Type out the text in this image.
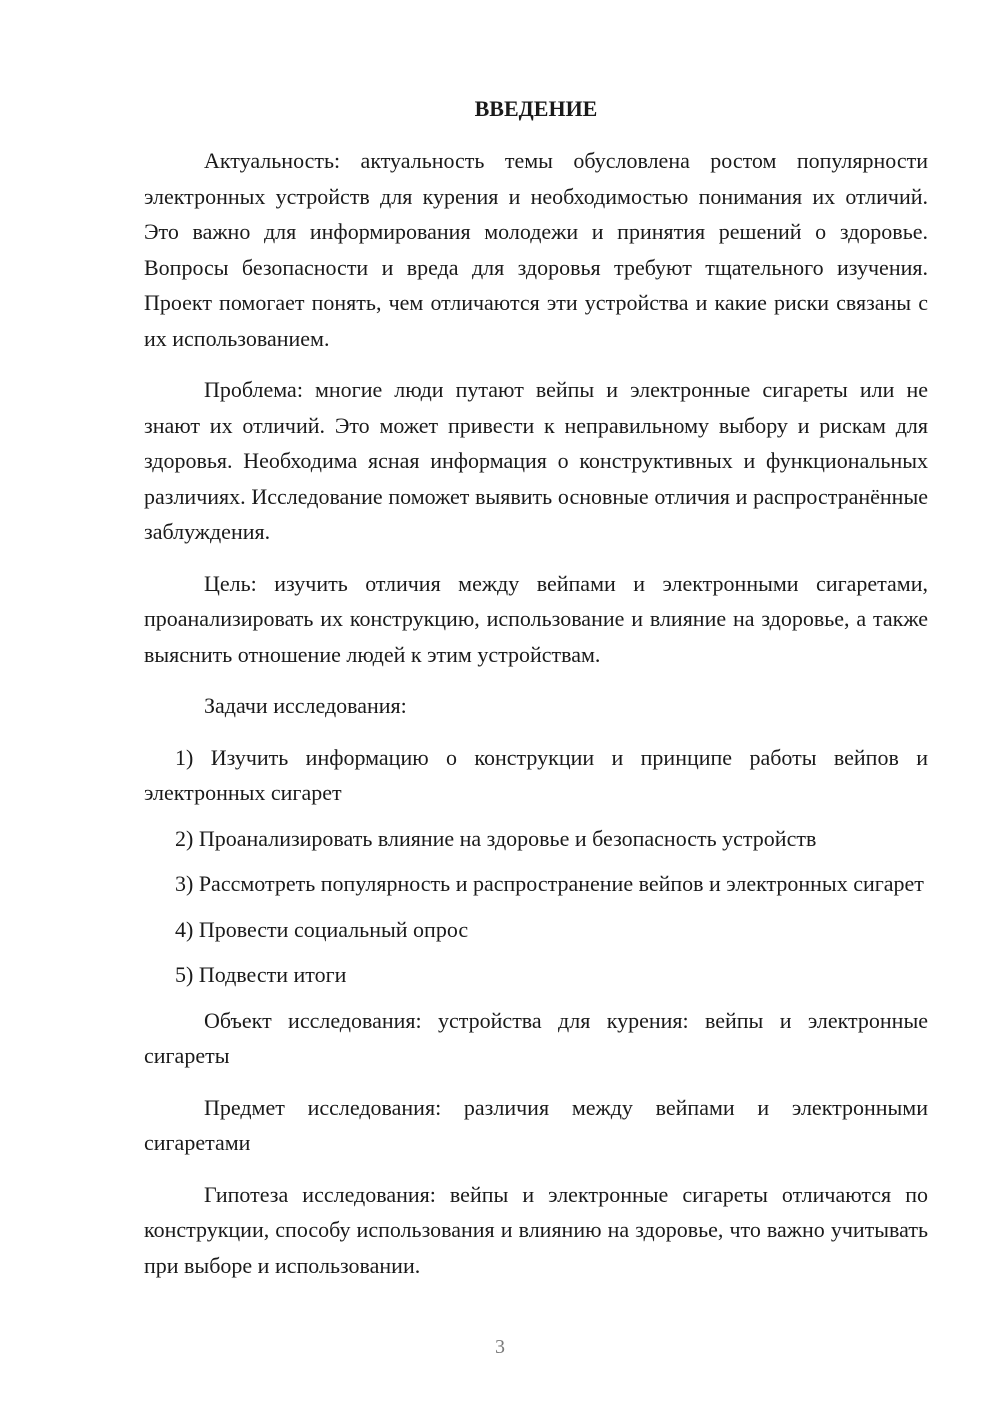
ВВЕДЕНИЕ

Актуальность: актуальность темы обусловлена ростом популярности электронных устройств для курения и необходимостью понимания их отличий. Это важно для информирования молодежи и принятия решений о здоровье. Вопросы безопасности и вреда для здоровья требуют тщательного изучения. Проект помогает понять, чем отличаются эти устройства и какие риски связаны с их использованием.

Проблема: многие люди путают вейпы и электронные сигареты или не знают их отличий. Это может привести к неправильному выбору и рискам для здоровья. Необходима ясная информация о конструктивных и функциональных различиях. Исследование поможет выявить основные отличия и распространённые заблуждения.

Цель: изучить отличия между вейпами и электронными сигаретами, проанализировать их конструкцию, использование и влияние на здоровье, а также выяснить отношение людей к этим устройствам.

Задачи исследования:

1) Изучить информацию о конструкции и принципе работы вейпов и электронных сигарет

2) Проанализировать влияние на здоровье и безопасность устройств

3) Рассмотреть популярность и распространение вейпов и электронных сигарет

4) Провести социальный опрос

5) Подвести итоги

Объект исследования: устройства для курения: вейпы и электронные сигареты

Предмет исследования: различия между вейпами и электронными сигаретами

Гипотеза исследования: вейпы и электронные сигареты отличаются по конструкции, способу использования и влиянию на здоровье, что важно учитывать при выборе и использовании.

3
